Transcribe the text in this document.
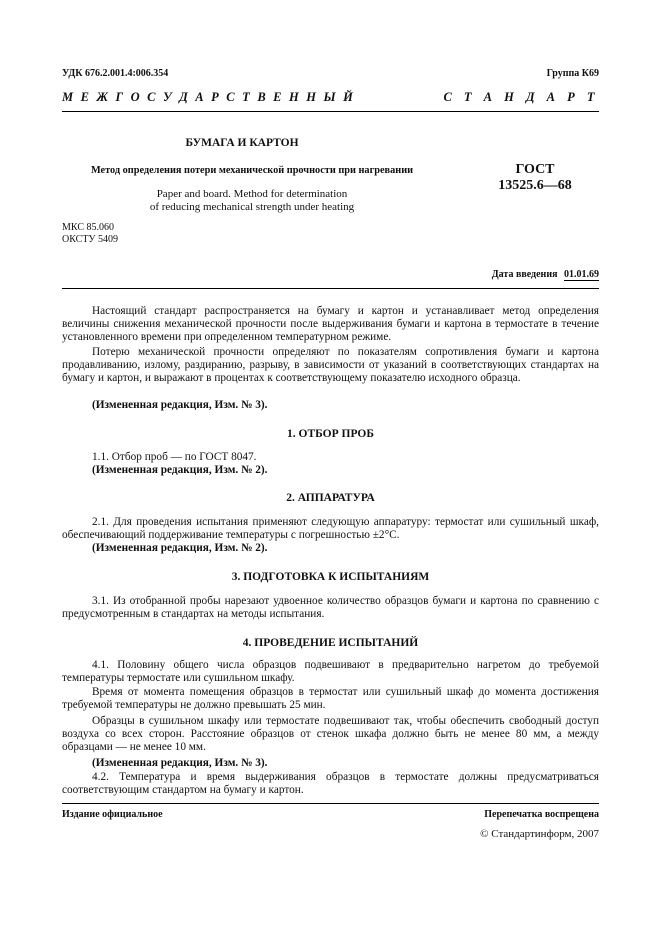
УДК 676.2.001.4:006.354	Группа К69
М Е Ж Г О С У Д А Р С Т В Е Н Н Ы Й	С Т А Н Д А Р Т
БУМАГА И КАРТОН
Метод определения потери механической прочности при нагревании
Paper and board. Method for determination
of reducing mechanical strength under heating
ГОСТ
13525.6—68
МКС 85.060
ОКСТУ 5409
Дата введения 01.01.69

Настоящий стандарт распространяется на бумагу и картон и устанавливает метод определения величины снижения механической прочности после выдерживания бумаги и картона в термостате в течение установленного времени при определенном температурном режиме.

Потерю механической прочности определяют по показателям сопротивления бумаги и картона продавливанию, излому, раздиранию, разрыву, в зависимости от указаний в соответствующих стандартах на бумагу и картон, и выражают в процентах к соответствующему показателю исходного образца.

(Измененная редакция, Изм. № 3).

1. ОТБОР ПРОБ

1.1. Отбор проб — по ГОСТ 8047.

(Измененная редакция, Изм. № 2).

2. АППАРАТУРА

2.1. Для проведения испытания применяют следующую аппаратуру: термостат или сушильный шкаф, обеспечивающий поддерживание температуры с погрешностью ±2°С.

(Измененная редакция, Изм. № 2).

3. ПОДГОТОВКА К ИСПЫТАНИЯМ

3.1. Из отобранной пробы нарезают удвоенное количество образцов бумаги и картона по сравнению с предусмотренным в стандартах на методы испытания.

4. ПРОВЕДЕНИЕ ИСПЫТАНИЙ

4.1. Половину общего числа образцов подвешивают в предварительно нагретом до требуемой температуры термостате или сушильном шкафу.

Время от момента помещения образцов в термостат или сушильный шкаф до момента достижения требуемой температуры не должно превышать 25 мин.

Образцы в сушильном шкафу или термостате подвешивают так, чтобы обеспечить свободный доступ воздуха со всех сторон. Расстояние образцов от стенок шкафа должно быть не менее 80 мм, а между образцами — не менее 10 мм.

(Измененная редакция, Изм. № 3).

4.2. Температура и время выдерживания образцов в термостате должны предусматриваться соответствующим стандартом на бумагу и картон.

Издание официальное	Перепечатка воспрещена
© Стандартинформ, 2007
